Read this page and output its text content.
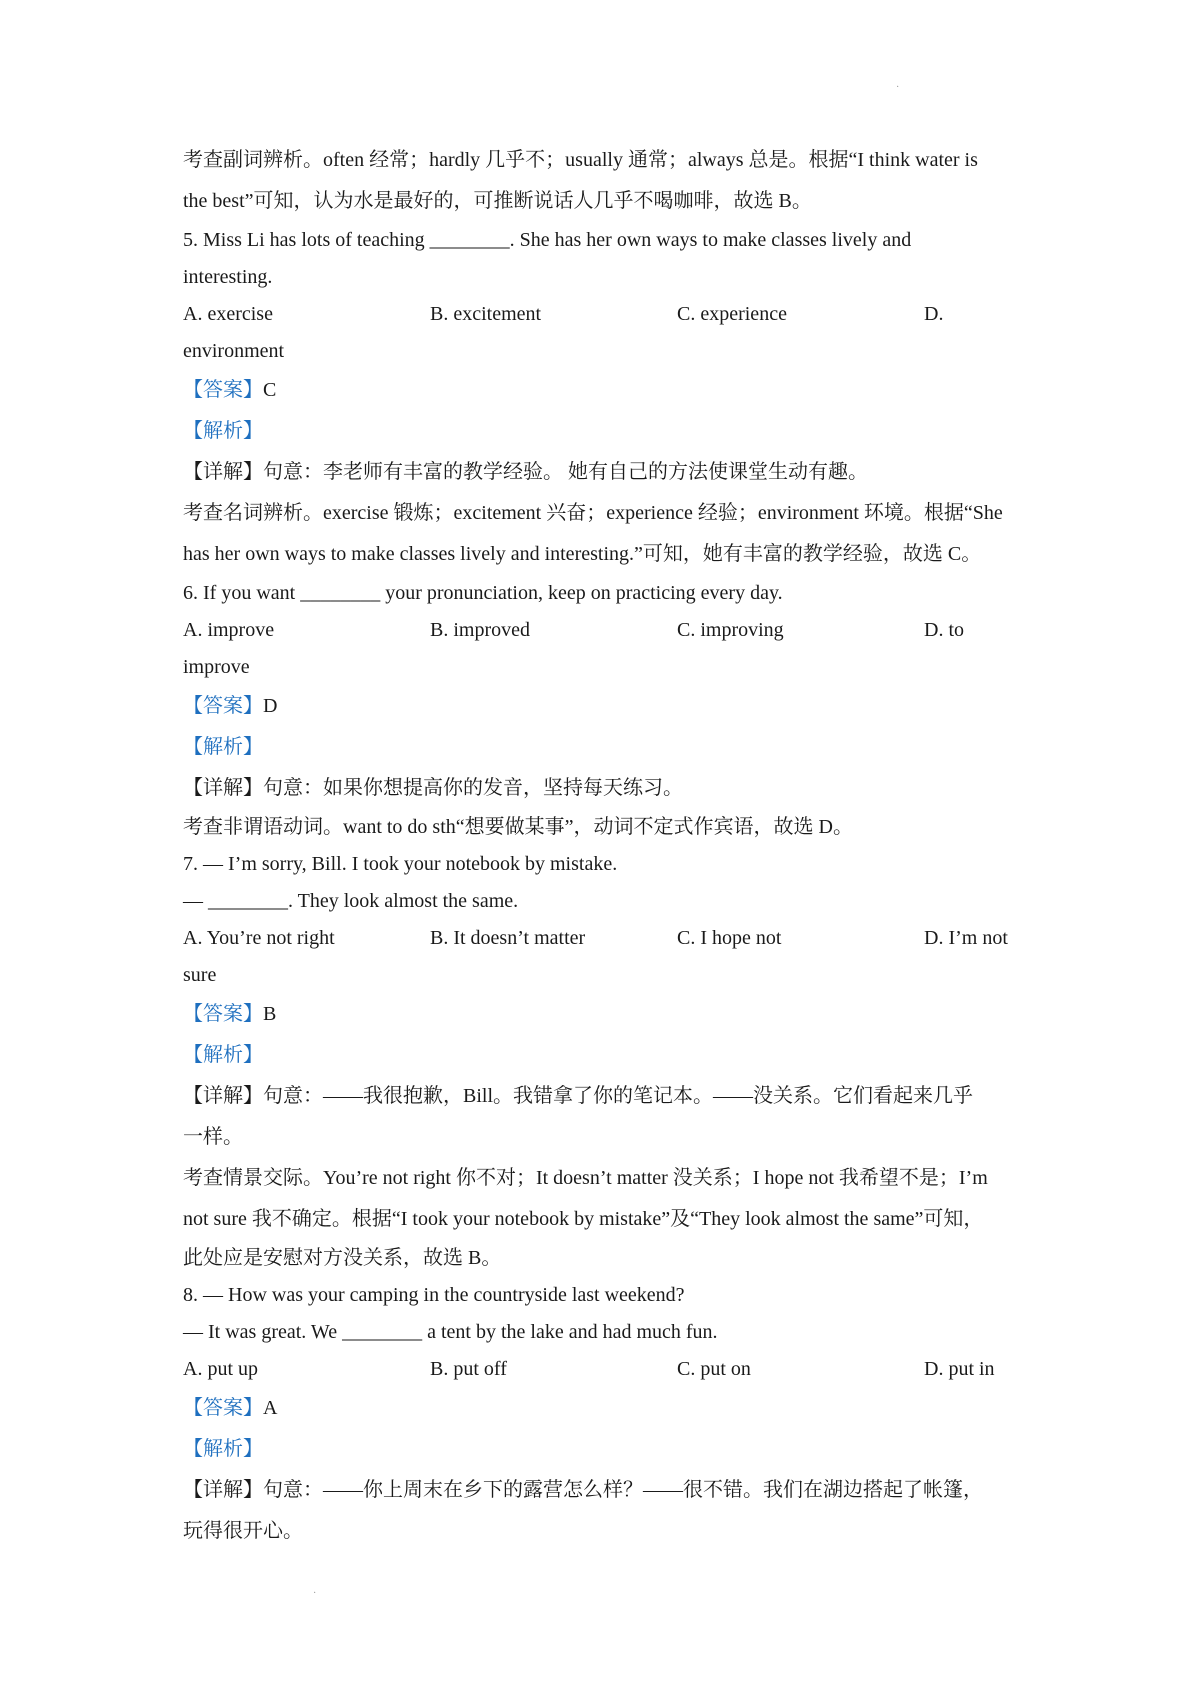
·
·
考查副词辨析。often 经常；hardly 几乎不；usually 通常；always 总是。根据“I think water is
the best”可知，认为水是最好的，可推断说话人几乎不喝咖啡，故选 B。
5. Miss Li has lots of teaching ________. She has her own ways to make classes lively and
interesting.
A. exercise	B. excitement	C. experience	D.
environment
【答案】C
【解析】
【详解】句意：李老师有丰富的教学经验。 她有自己的方法使课堂生动有趣。
考查名词辨析。exercise 锻炼；excitement 兴奋；experience 经验；environment 环境。根据“She
has her own ways to make classes lively and interesting.”可知，她有丰富的教学经验，故选 C。
6. If you want ________ your pronunciation, keep on practicing every day.
A. improve	B. improved	C. improving	D. to
improve
【答案】D
【解析】
【详解】句意：如果你想提高你的发音，坚持每天练习。
考查非谓语动词。want to do sth“想要做某事”，动词不定式作宾语，故选 D。
7. — I’m sorry, Bill. I took your notebook by mistake.
— ________. They look almost the same.
A. You’re not right	B. It doesn’t matter	C. I hope not	D. I’m not
sure
【答案】B
【解析】
【详解】句意：——我很抱歉，Bill。我错拿了你的笔记本。——没关系。它们看起来几乎
一样。
考查情景交际。You’re not right 你不对；It doesn’t matter 没关系；I hope not 我希望不是；I’m
not sure 我不确定。根据“I took your notebook by mistake”及“They look almost the same”可知，
此处应是安慰对方没关系，故选 B。
8. — How was your camping in the countryside last weekend?
— It was great. We ________ a tent by the lake and had much fun.
A. put up	B. put off	C. put on	D. put in
【答案】A
【解析】
【详解】句意：——你上周末在乡下的露营怎么样？——很不错。我们在湖边搭起了帐篷，
玩得很开心。
